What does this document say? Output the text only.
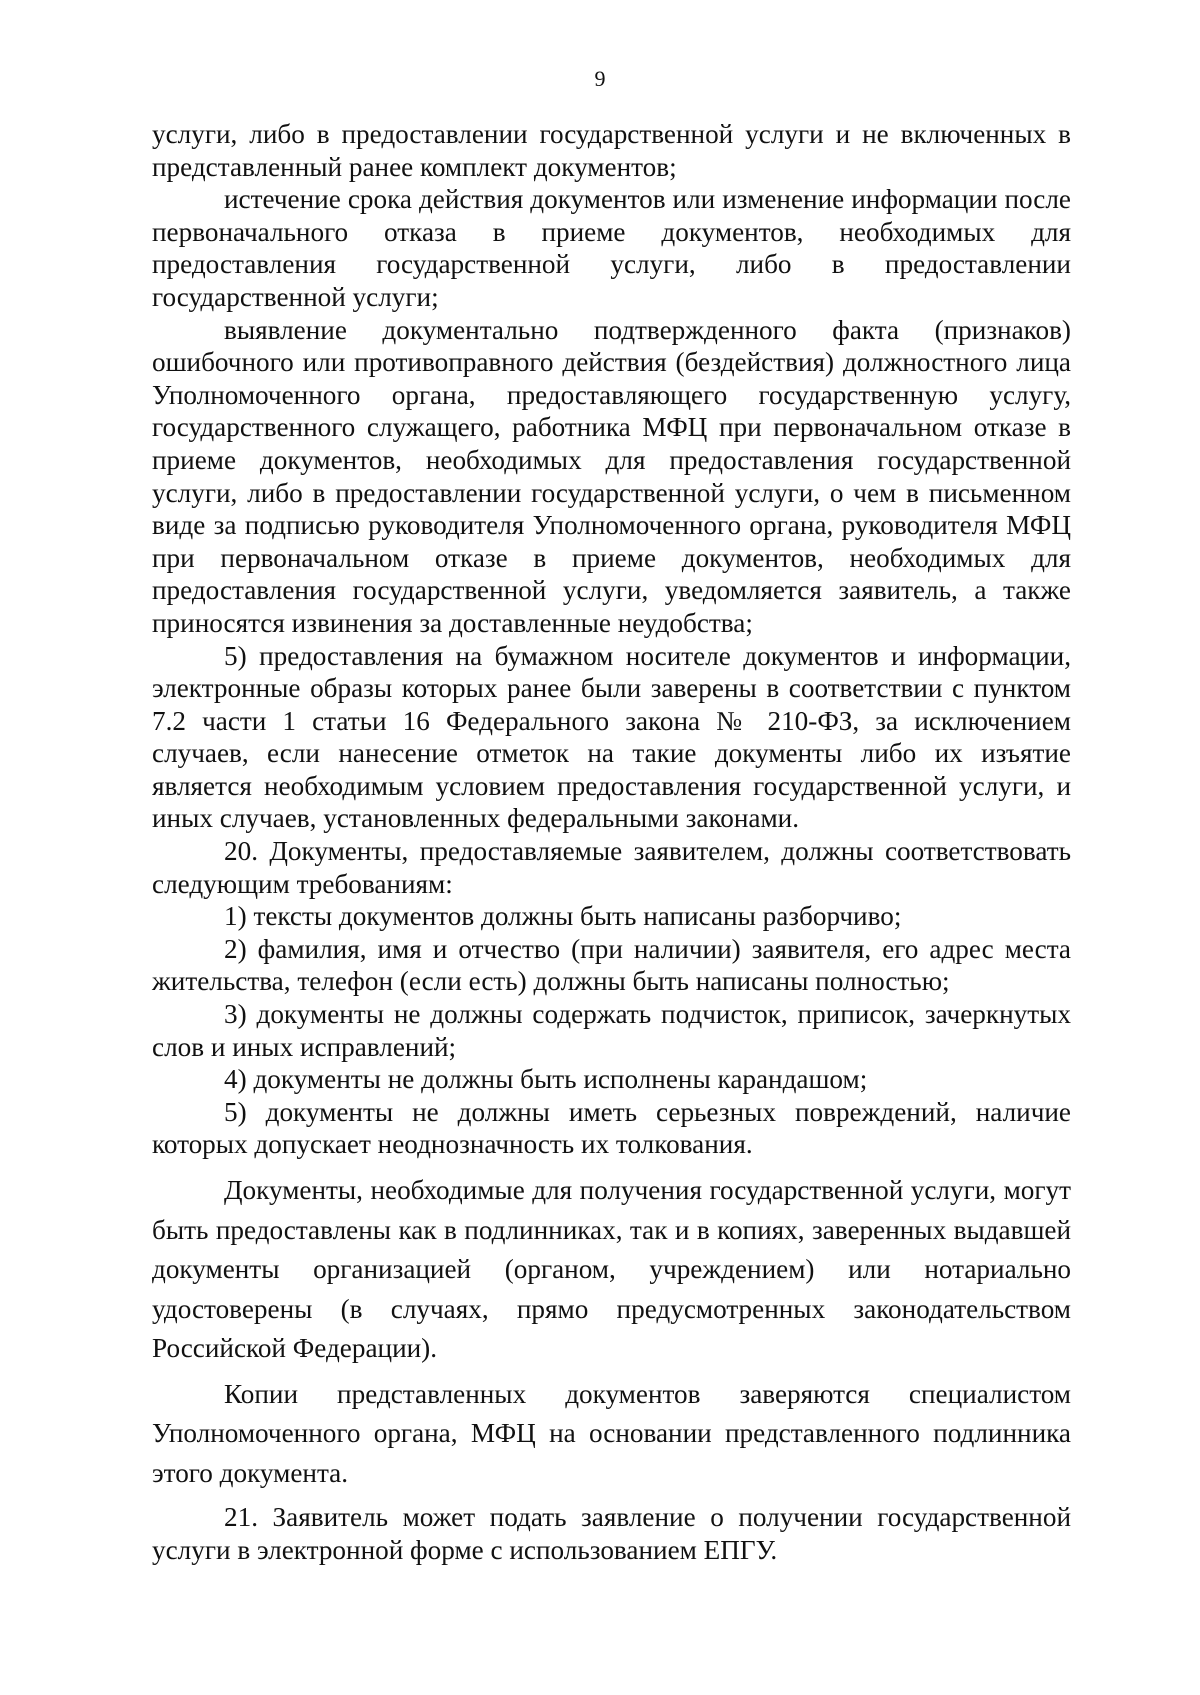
9

услуги, либо в предоставлении государственной услуги и не включенных в представленный ранее комплект документов;

истечение срока действия документов или изменение информации после первоначального отказа в приеме документов, необходимых для предоставления государственной услуги, либо в предоставлении государственной услуги;

выявление документально подтвержденного факта (признаков) ошибочного или противоправного действия (бездействия) должностного лица Уполномоченного органа, предоставляющего государственную услугу, государственного служащего, работника МФЦ при первоначальном отказе в приеме документов, необходимых для предоставления государственной услуги, либо в предоставлении государственной услуги, о чем в письменном виде за подписью руководителя Уполномоченного органа, руководителя МФЦ при первоначальном отказе в приеме документов, необходимых для предоставления государственной услуги, уведомляется заявитель, а также приносятся извинения за доставленные неудобства;

5) предоставления на бумажном носителе документов и информации, электронные образы которых ранее были заверены в соответствии с пунктом 7.2 части 1 статьи 16 Федерального закона № 210-ФЗ, за исключением случаев, если нанесение отметок на такие документы либо их изъятие является необходимым условием предоставления государственной услуги, и иных случаев, установленных федеральными законами.

20. Документы, предоставляемые заявителем, должны соответствовать следующим требованиям:

1) тексты документов должны быть написаны разборчиво;

2) фамилия, имя и отчество (при наличии) заявителя, его адрес места жительства, телефон (если есть) должны быть написаны полностью;

3) документы не должны содержать подчисток, приписок, зачеркнутых слов и иных исправлений;

4) документы не должны быть исполнены карандашом;

5) документы не должны иметь серьезных повреждений, наличие которых допускает неоднозначность их толкования.

Документы, необходимые для получения государственной услуги, могут быть предоставлены как в подлинниках, так и в копиях, заверенных выдавшей документы организацией (органом, учреждением) или нотариально удостоверены (в случаях, прямо предусмотренных законодательством Российской Федерации).

Копии представленных документов заверяются специалистом Уполномоченного органа, МФЦ на основании представленного подлинника этого документа.

21. Заявитель может подать заявление о получении государственной услуги в электронной форме с использованием ЕПГУ.
